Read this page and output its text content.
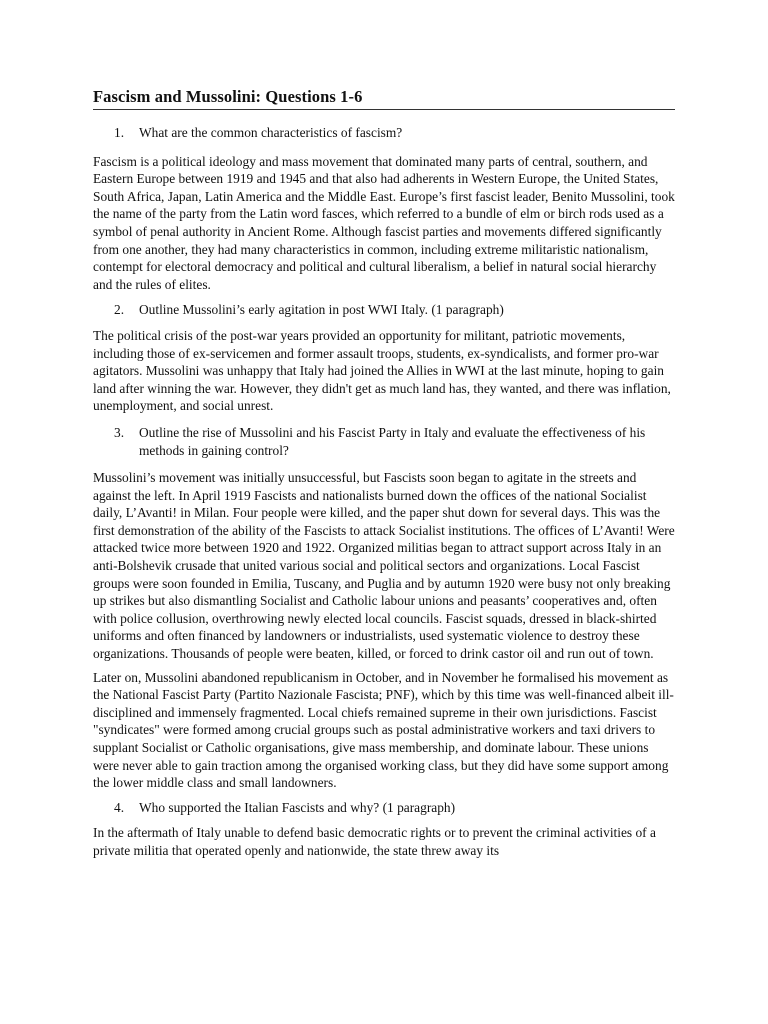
Fascism and Mussolini: Questions 1-6
1.	What are the common characteristics of fascism?

Fascism is a political ideology and mass movement that dominated many parts of central, southern, and Eastern Europe between 1919 and 1945 and that also had adherents in Western Europe, the United States, South Africa, Japan, Latin America and the Middle East. Europe’s first fascist leader, Benito Mussolini, took the name of the party from the Latin word fasces, which referred to a bundle of elm or birch rods used as a symbol of penal authority in Ancient Rome. Although fascist parties and movements differed significantly from one another, they had many characteristics in common, including extreme militaristic nationalism, contempt for electoral democracy and political and cultural liberalism, a belief in natural social hierarchy and the rules of elites.

2.	Outline Mussolini’s early agitation in post WWI Italy. (1 paragraph)

The political crisis of the post-war years provided an opportunity for militant, patriotic movements, including those of ex-servicemen and former assault troops, students, ex-syndicalists, and former pro-war agitators. Mussolini was unhappy that Italy had joined the Allies in WWI at the last minute, hoping to gain land after winning the war. However, they didn't get as much land has, they wanted, and there was inflation, unemployment, and social unrest.

3.	Outline the rise of Mussolini and his Fascist Party in Italy and evaluate the effectiveness of his methods in gaining control?

Mussolini’s movement was initially unsuccessful, but Fascists soon began to agitate in the streets and against the left. In April 1919 Fascists and nationalists burned down the offices of the national Socialist daily, L’Avanti! in Milan. Four people were killed, and the paper shut down for several days. This was the first demonstration of the ability of the Fascists to attack Socialist institutions. The offices of L’Avanti! Were attacked twice more between 1920 and 1922. Organized militias began to attract support across Italy in an anti-Bolshevik crusade that united various social and political sectors and organizations. Local Fascist groups were soon founded in Emilia, Tuscany, and Puglia and by autumn 1920 were busy not only breaking up strikes but also dismantling Socialist and Catholic labour unions and peasants’ cooperatives and, often with police collusion, overthrowing newly elected local councils. Fascist squads, dressed in black-shirted uniforms and often financed by landowners or industrialists, used systematic violence to destroy these organizations. Thousands of people were beaten, killed, or forced to drink castor oil and run out of town.

Later on, Mussolini abandoned republicanism in October, and in November he formalised his movement as the National Fascist Party (Partito Nazionale Fascista; PNF), which by this time was well-financed albeit ill-disciplined and immensely fragmented. Local chiefs remained supreme in their own jurisdictions. Fascist "syndicates" were formed among crucial groups such as postal administrative workers and taxi drivers to supplant Socialist or Catholic organisations, give mass membership, and dominate labour. These unions were never able to gain traction among the organised working class, but they did have some support among the lower middle class and small landowners.

4.	Who supported the Italian Fascists and why? (1 paragraph)

In the aftermath of Italy unable to defend basic democratic rights or to prevent the criminal activities of a private militia that operated openly and nationwide, the state threw away its
